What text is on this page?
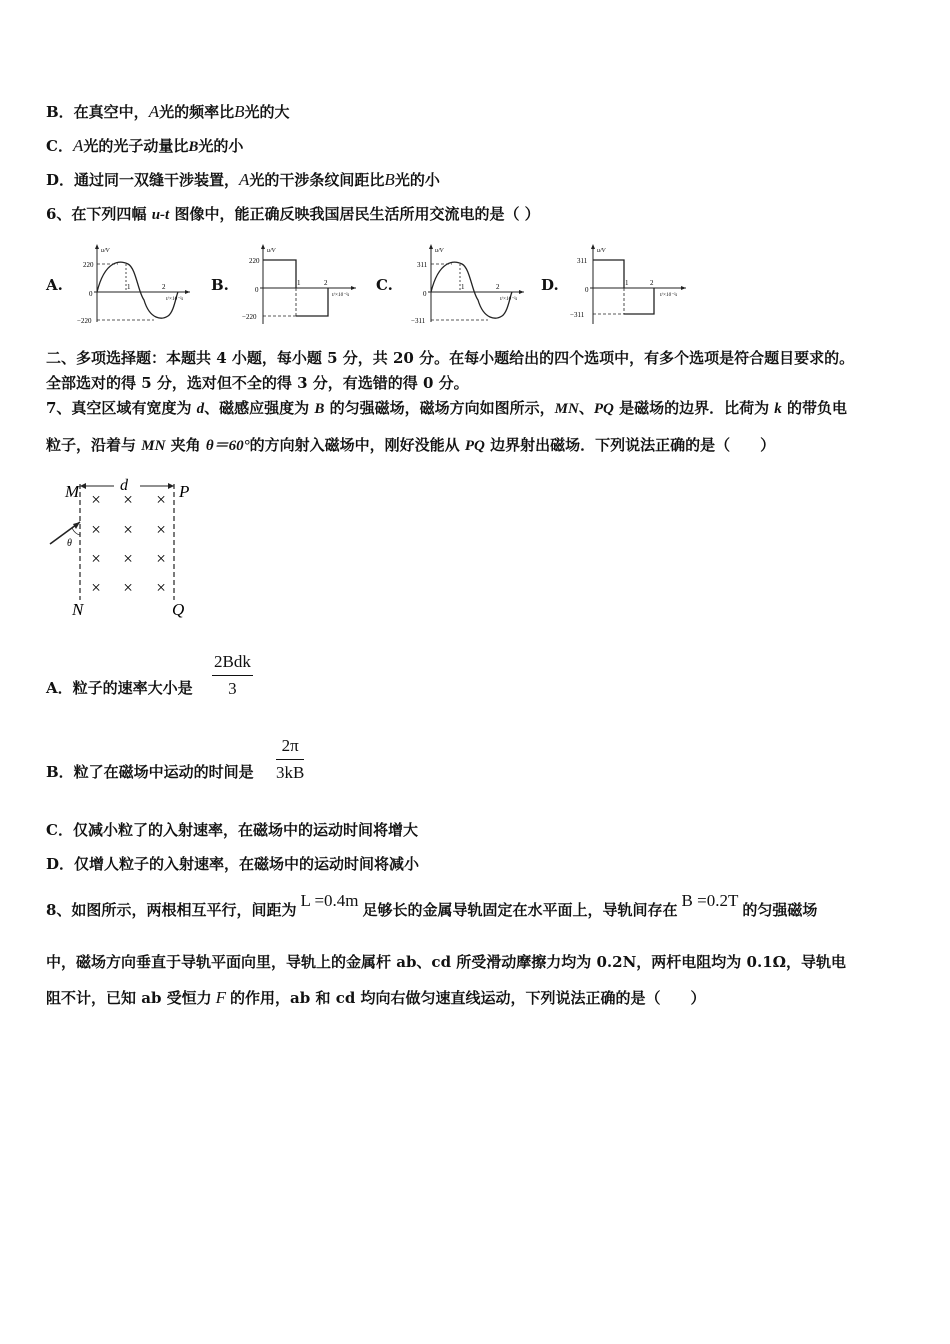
B．在真空中，A光的频率比B光的大
C．A光的光子动量比B光的小
D．通过同一双缝干涉装置，A光的干涉条纹间距比B光的小
6、在下列四幅 u-t 图像中，能正确反映我国居民生活所用交流电的是（ ）
A.	B.	C.	D.
u/V
t/×10⁻²s
0
220
−220
1	2
u/V
t/×10⁻²s
0
220
−220
1	2
u/V
t/×10⁻²s
0
311
−311
1	2
u/V
t/×10⁻²s
0
311
−311
1	2
二、多项选择题：本题共 4 小题，每小题 5 分，共 20 分。在每小题给出的四个选项中，有多个选项是符合题目要求的。
全部选对的得 5 分，选对但不全的得 3 分，有选错的得 0 分。
7、真空区域有宽度为 d、磁感应强度为 B 的匀强磁场，磁场方向如图所示，MN、PQ 是磁场的边界．比荷为 k 的带负电
粒子，沿着与 MN 夹角 θ＝60°的方向射入磁场中，刚好没能从 PQ 边界射出磁场．下列说法正确的是（　　）
d
M	P
N	Q
θ
× × ×
× × ×
× × ×
× × ×
A．粒子的速率大小是
2Bdk
3
B．粒了在磁场中运动的时间是
2π
3kB
C．仅减小粒了的入射速率，在磁场中的运动时间将增大
D．仅增人粒子的入射速率，在磁场中的运动时间将减小
8、如图所示，两根相互平行，间距为 L =0.4m 足够长的金属导轨固定在水平面上，导轨间存在 B =0.2T 的匀强磁场
中，磁场方向垂直于导轨平面向里，导轨上的金属杆 ab、cd 所受滑动摩擦力均为 0.2N，两杆电阻均为 0.1Ω，导轨电
阻不计，已知 ab 受恒力 F 的作用，ab 和 cd 均向右做匀速直线运动，下列说法正确的是（　　）
